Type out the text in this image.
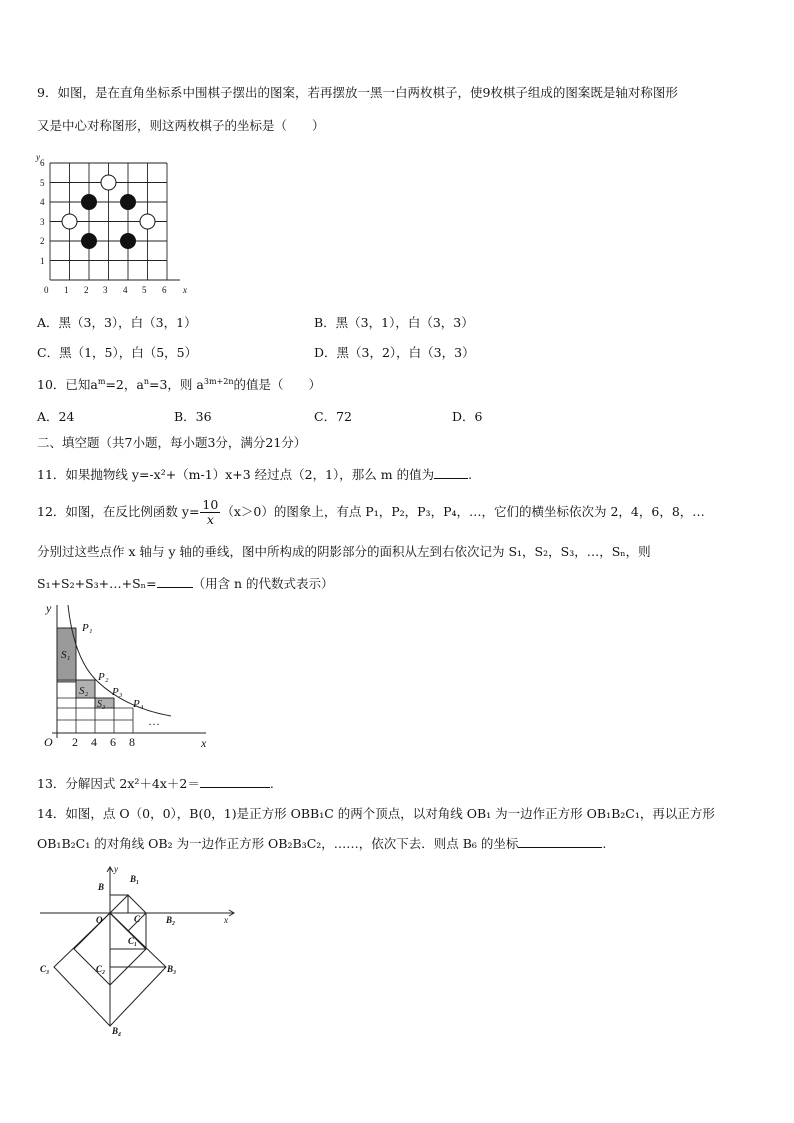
9．如图，是在直角坐标系中围棋子摆出的图案，若再摆放一黑一白两枚棋子，使9枚棋子组成的图案既是轴对称图形
又是中心对称图形，则这两枚棋子的坐标是（　　）
y
x
6
5
4
3
2
1
0 1 2 3 4 5 6
A．黑（3，3），白（3，1）	B．黑（3，1），白（3，3）
C．黑（1，5），白（5，5）	D．黑（3，2），白（3，3）
10．已知$a^m=2$，$a^n=3$，则 $a^{3m+2n}$的值是（　　）
A．24	B．36	C．72	D．6
二、填空题（共7小题，每小题3分，满分21分）
11．如果抛物线 y=-x²+（m-1）x+3 经过点（2，1），那么 m 的值为	.
12．如图，在反比例函数 $y= \frac{10}{x} (x>0)$的图象上，有点 P₁，P₂，P₃，P₄，…，它们的横坐标依次为 2，4，6，8，…
分别过这些点作 x 轴与 y 轴的垂线，图中所构成的阴影部分的面积从左到右依次记为 S₁，S₂，S₃，…，Sₙ，则
S₁+S₂+S₃+…+Sₙ=	（用含 n 的代数式表示）
y
x
O 2 4 6 8
P₁
P₂
P₃
P₄
S₁
S₂
S₃
…
13．分解因式 2x²＋4x＋2＝	.
14．如图，点 O（0，0），B(0，1)是正方形 OBB₁C 的两个顶点，以对角线 OB₁ 为一边作正方形 OB₁B₂C₁，再以正方形
OB₁B₂C₁ 的对角线 OB₂ 为一边作正方形 OB₂B₃C₂，……，依次下去．则点 B₆ 的坐标	.
y
B
B₁
O	C	B₂	x
C₁
C₃	C₂	B₃
B₄
